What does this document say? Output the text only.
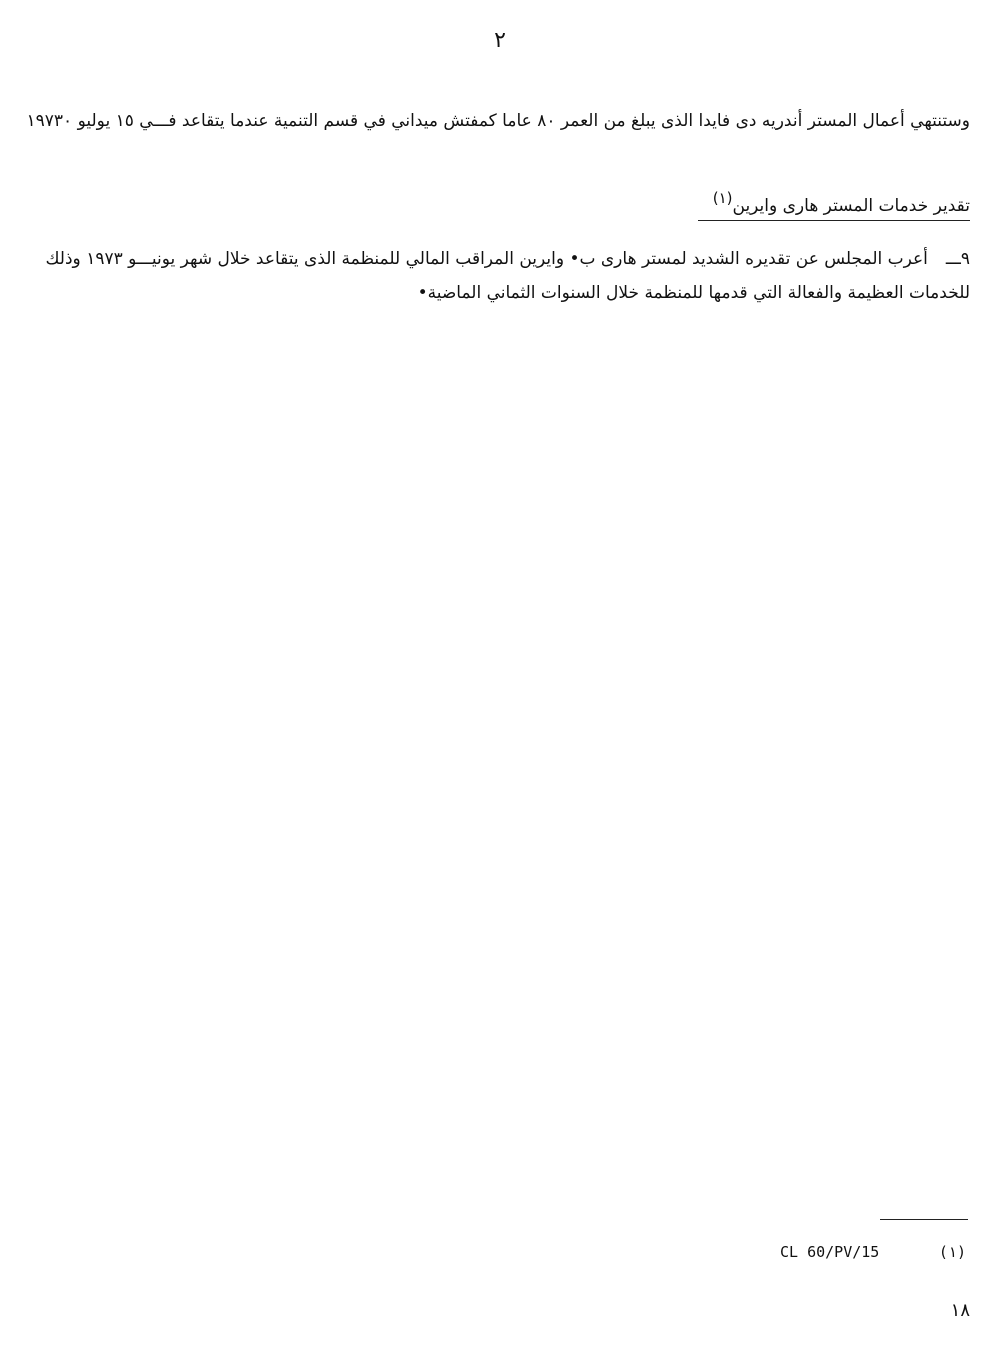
٢
وستنتهي أعمال المستر أندريه دى فايدا الذى يبلغ من العمر ٨٠ عاما كمفتش ميداني في قسم التنمية عندما يتقاعد فـــي ١٥ يوليو ١٩٧٣٠
تقدير خدمات المستر هارى وايرين$^{(١)}$
٩ـــأعرب المجلس عن تقديره الشديد لمستر هارى ب• وايرين المراقب المالي للمنظمة الذى يتقاعد خلال شهر يونيـــو ١٩٧٣ وذلك للخدمات العظيمة والفعالة التي قدمها للمنظمة خلال السنوات الثماني الماضية•
CL 60/PV/15	(١)
١٨
